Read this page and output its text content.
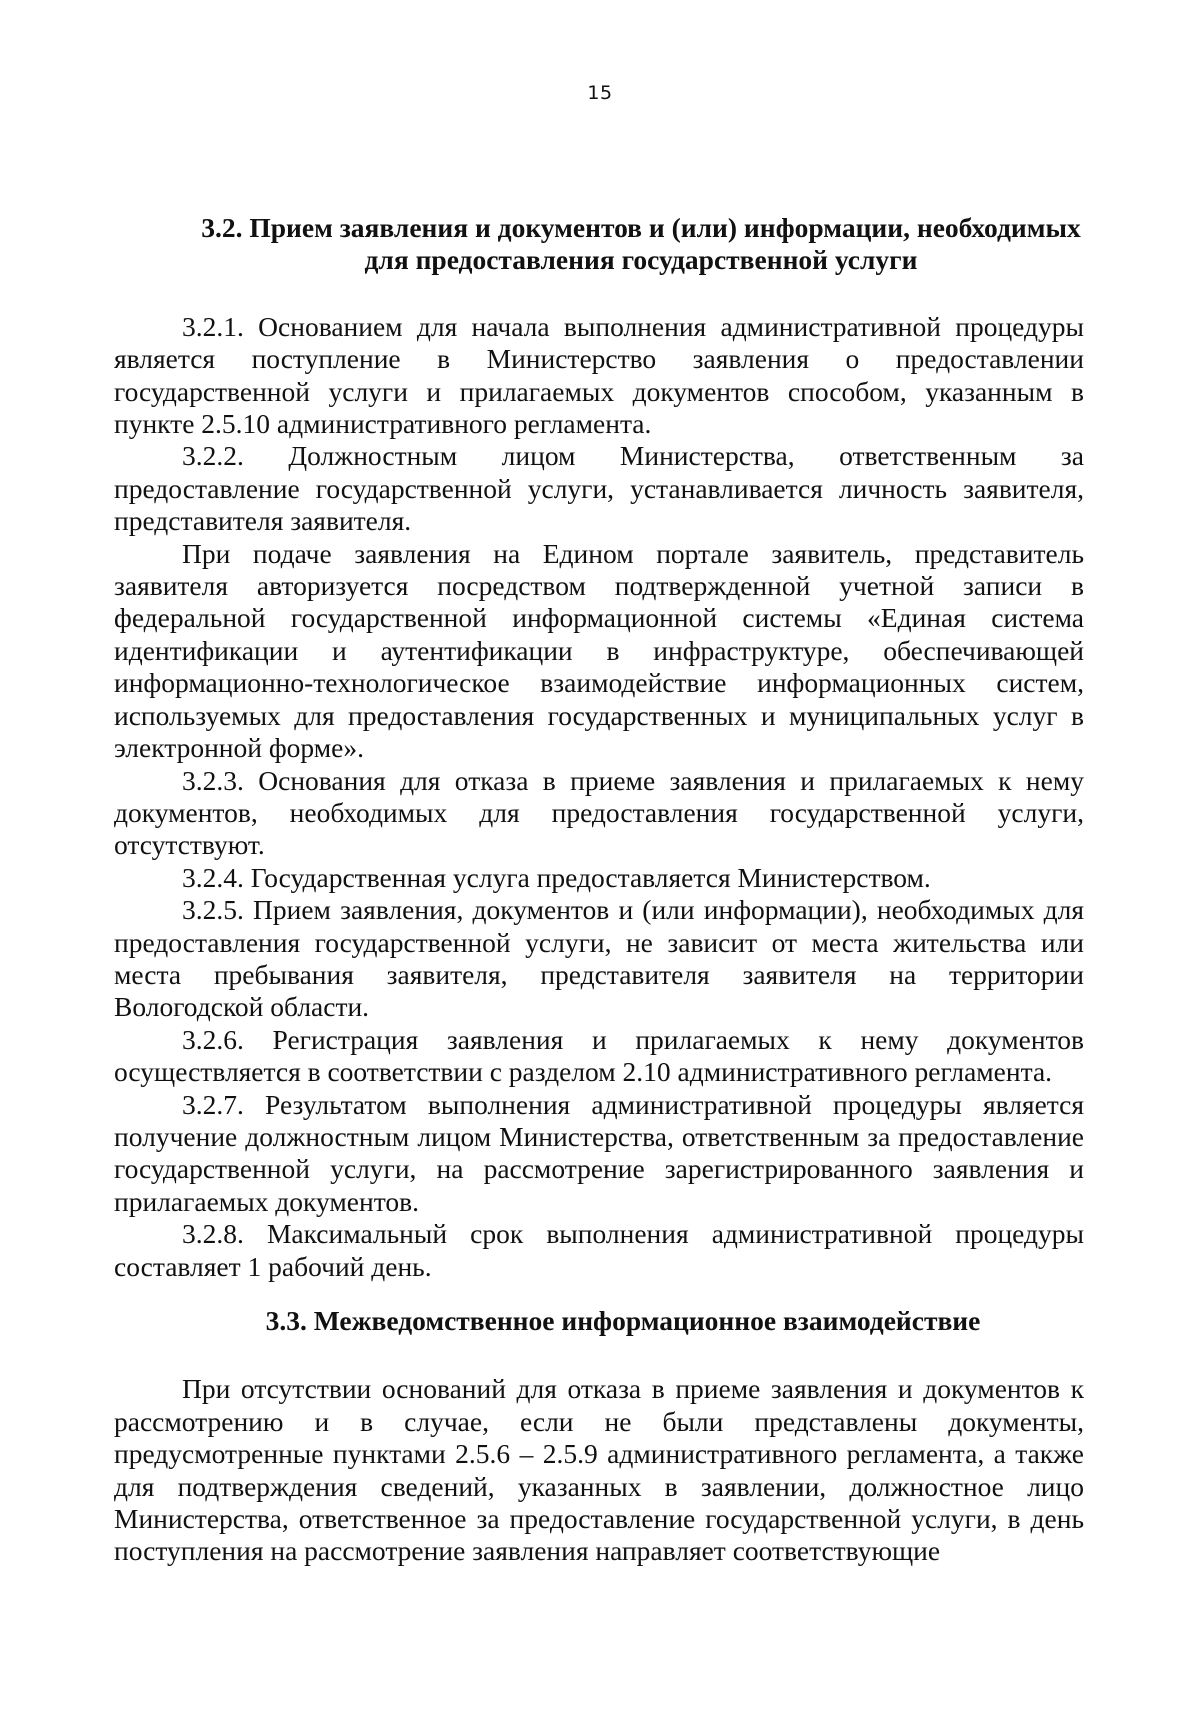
15

3.2. Прием заявления и документов и (или) информации, необходимых

для предоставления государственной услуги

3.2.1. Основанием для начала выполнения административной процедуры является поступление в Министерство заявления о предоставлении государственной услуги и прилагаемых документов способом, указанным в пункте 2.5.10 административного регламента.

3.2.2. Должностным лицом Министерства, ответственным за предоставление государственной услуги, устанавливается личность заявителя, представителя заявителя.

При подаче заявления на Едином портале заявитель, представитель заявителя авторизуется посредством подтвержденной учетной записи в федеральной государственной информационной системы «Единая система идентификации и аутентификации в инфраструктуре, обеспечивающей информационно-технологическое взаимодействие информационных систем, используемых для предоставления государственных и муниципальных услуг в электронной форме».

3.2.3. Основания для отказа в приеме заявления и прилагаемых к нему документов, необходимых для предоставления государственной услуги, отсутствуют.

3.2.4. Государственная услуга предоставляется Министерством.

3.2.5. Прием заявления, документов и (или информации), необходимых для предоставления государственной услуги, не зависит от места жительства или места пребывания заявителя, представителя заявителя на территории Вологодской области.

3.2.6. Регистрация заявления и прилагаемых к нему документов осуществляется в соответствии с разделом 2.10 административного регламента.

3.2.7. Результатом выполнения административной процедуры является получение должностным лицом Министерства, ответственным за предоставление государственной услуги, на рассмотрение зарегистрированного заявления и прилагаемых документов.

3.2.8. Максимальный срок выполнения административной процедуры составляет 1 рабочий день.

3.3. Межведомственное информационное взаимодействие

При отсутствии оснований для отказа в приеме заявления и документов к рассмотрению и в случае, если не были представлены документы, предусмотренные пунктами 2.5.6 – 2.5.9 административного регламента, а также для подтверждения сведений, указанных в заявлении, должностное лицо Министерства, ответственное за предоставление государственной услуги, в день поступления на рассмотрение заявления направляет соответствующие
